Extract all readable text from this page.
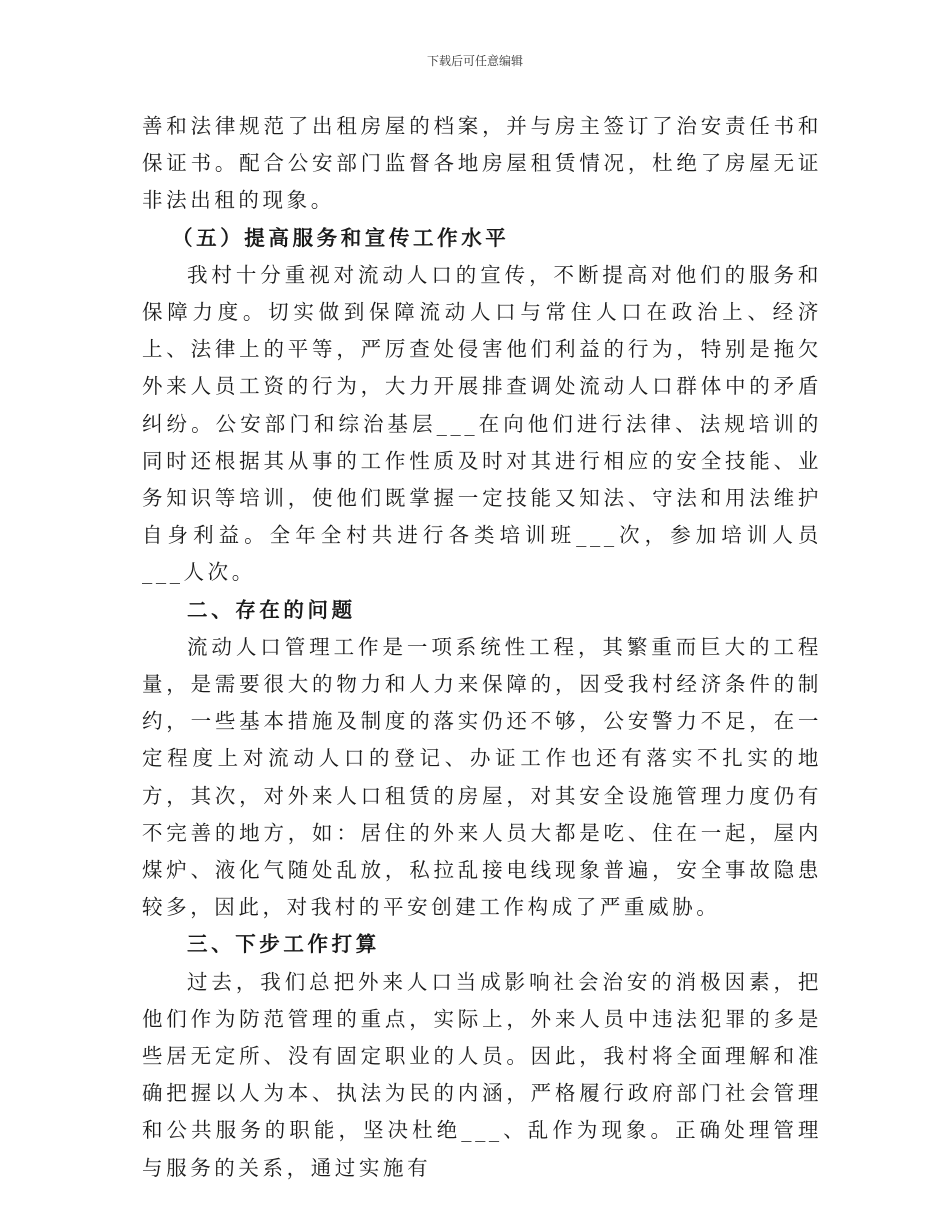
下载后可任意编辑

善和法律规范了出租房屋的档案，并与房主签订了治安责任书和保证书。配合公安部门监督各地房屋租赁情况，杜绝了房屋无证非法出租的现象。

（五）提高服务和宣传工作水平

我村十分重视对流动人口的宣传，不断提高对他们的服务和保障力度。切实做到保障流动人口与常住人口在政治上、经济上、法律上的平等，严厉查处侵害他们利益的行为，特别是拖欠外来人员工资的行为，大力开展排查调处流动人口群体中的矛盾纠纷。公安部门和综治基层___在向他们进行法律、法规培训的同时还根据其从事的工作性质及时对其进行相应的安全技能、业务知识等培训，使他们既掌握一定技能又知法、守法和用法维护自身利益。全年全村共进行各类培训班___次，参加培训人员___人次。

二、存在的问题

流动人口管理工作是一项系统性工程，其繁重而巨大的工程量，是需要很大的物力和人力来保障的，因受我村经济条件的制约，一些基本措施及制度的落实仍还不够，公安警力不足，在一定程度上对流动人口的登记、办证工作也还有落实不扎实的地方，其次，对外来人口租赁的房屋，对其安全设施管理力度仍有不完善的地方，如：居住的外来人员大都是吃、住在一起，屋内煤炉、液化气随处乱放，私拉乱接电线现象普遍，安全事故隐患较多，因此，对我村的平安创建工作构成了严重威胁。

三、下步工作打算

过去，我们总把外来人口当成影响社会治安的消极因素，把他们作为防范管理的重点，实际上，外来人员中违法犯罪的多是些居无定所、没有固定职业的人员。因此，我村将全面理解和准确把握以人为本、执法为民的内涵，严格履行政府部门社会管理和公共服务的职能，坚决杜绝___、乱作为现象。正确处理管理与服务的关系，通过实施有
